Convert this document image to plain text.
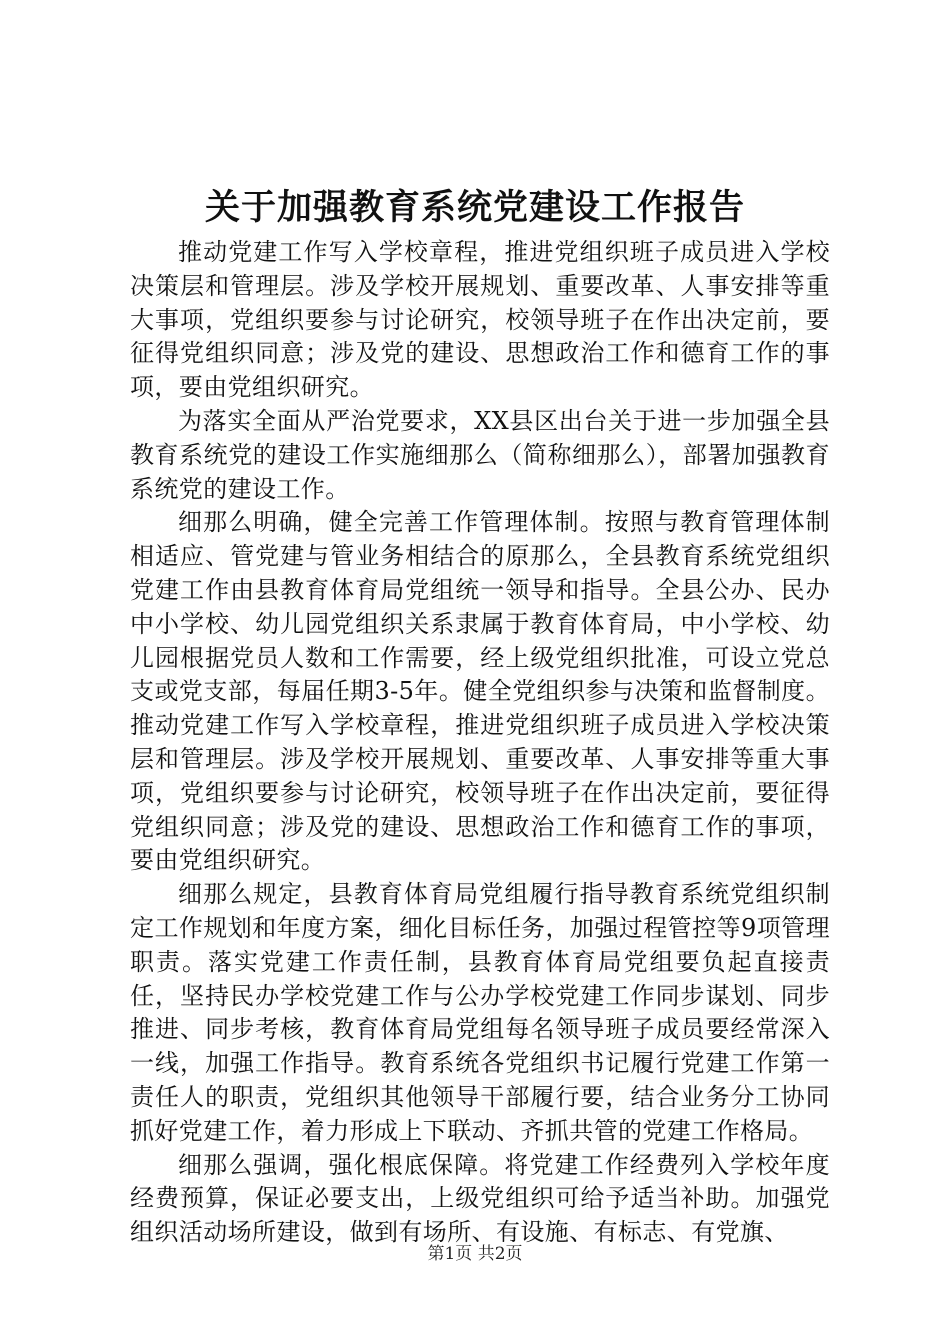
关于加强教育系统党建设工作报告

推动党建工作写入学校章程，推进党组织班子成员进入学校决策层和管理层。涉及学校开展规划、重要改革、人事安排等重大事项，党组织要参与讨论研究，校领导班子在作出决定前，要征得党组织同意；涉及党的建设、思想政治工作和德育工作的事项，要由党组织研究。

为落实全面从严治党要求，XX县区出台关于进一步加强全县教育系统党的建设工作实施细那么（简称细那么），部署加强教育系统党的建设工作。

细那么明确，健全完善工作管理体制。按照与教育管理体制相适应、管党建与管业务相结合的原那么，全县教育系统党组织党建工作由县教育体育局党组统一领导和指导。全县公办、民办中小学校、幼儿园党组织关系隶属于教育体育局，中小学校、幼儿园根据党员人数和工作需要，经上级党组织批准，可设立党总支或党支部，每届任期3-5年。健全党组织参与决策和监督制度。推动党建工作写入学校章程，推进党组织班子成员进入学校决策层和管理层。涉及学校开展规划、重要改革、人事安排等重大事项，党组织要参与讨论研究，校领导班子在作出决定前，要征得党组织同意；涉及党的建设、思想政治工作和德育工作的事项，要由党组织研究。

细那么规定，县教育体育局党组履行指导教育系统党组织制定工作规划和年度方案，细化目标任务，加强过程管控等9项管理职责。落实党建工作责任制，县教育体育局党组要负起直接责任，坚持民办学校党建工作与公办学校党建工作同步谋划、同步推进、同步考核，教育体育局党组每名领导班子成员要经常深入一线，加强工作指导。教育系统各党组织书记履行党建工作第一责任人的职责，党组织其他领导干部履行要，结合业务分工协同抓好党建工作，着力形成上下联动、齐抓共管的党建工作格局。

细那么强调，强化根底保障。将党建工作经费列入学校年度经费预算，保证必要支出，上级党组织可给予适当补助。加强党组织活动场所建设，做到有场所、有设施、有标志、有党旗、

第1页 共2页
